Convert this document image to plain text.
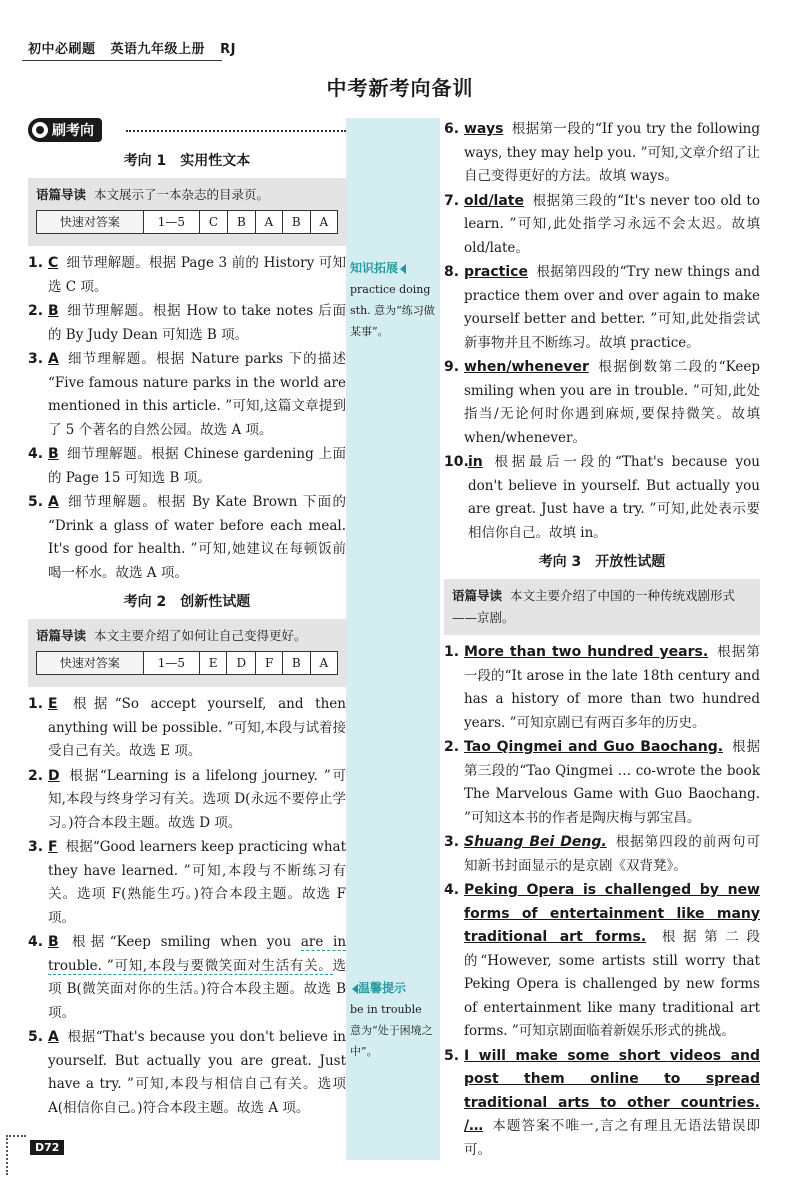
初中必刷题 英语九年级上册 RJ
中考新考向备训
刷考向
考向 1　实用性文本
语篇导读 本文展示了一本杂志的目录页。
快速对答案	1—5	C	B	A	B	A
1. C 细节理解题。根据 Page 3 前的 History 可知选 C 项。
2. B 细节理解题。根据 How to take notes 后面的 By Judy Dean 可知选 B 项。
3. A 细节理解题。根据 Nature parks 下的描述 “Five famous nature parks in the world are mentioned in this article. ”可知,这篇文章提到了 5 个著名的自然公园。故选 A 项。
4. B 细节理解题。根据 Chinese gardening 上面的 Page 15 可知选 B 项。
5. A 细节理解题。根据 By Kate Brown 下面的 “Drink a glass of water before each meal. It's good for health. ”可知,她建议在每顿饭前喝一杯水。故选 A 项。
考向 2　创新性试题
语篇导读 本文主要介绍了如何让自己变得更好。
快速对答案	1—5	E	D	F	B	A
1. E 根据“So accept yourself, and then anything will be possible. ”可知,本段与试着接受自己有关。故选 E 项。
2. D 根据“Learning is a lifelong journey. ”可知,本段与终身学习有关。选项 D(永远不要停止学习。)符合本段主题。故选 D 项。
3. F 根据“Good learners keep practicing what they have learned. ”可知,本段与不断练习有关。选项 F(熟能生巧。)符合本段主题。故选 F 项。
4. B 根据“Keep smiling when you are in trouble. ”可知,本段与要微笑面对生活有关。选项 B(微笑面对你的生活。)符合本段主题。故选 B 项。
5. A 根据“That's because you don't believe in yourself. But actually you are great. Just have a try. ”可知,本段与相信自己有关。选项 A(相信你自己。)符合本段主题。故选 A 项。
知识拓展
practice doing sth. 意为“练习做某事”。
温馨提示
be in trouble 意为“处于困境之中”。
6. ways 根据第一段的“If you try the following ways, they may help you. ”可知,文章介绍了让自己变得更好的方法。故填 ways。
7. old/late 根据第三段的“It's never too old to learn. ”可知,此处指学习永远不会太迟。故填 old/late。
8. practice 根据第四段的“Try new things and practice them over and over again to make yourself better and better. ”可知,此处指尝试新事物并且不断练习。故填 practice。
9. when/whenever 根据倒数第二段的“Keep smiling when you are in trouble. ”可知,此处指当/无论何时你遇到麻烦,要保持微笑。故填 when/whenever。
10. in 根据最后一段的“That's because you don't believe in yourself. But actually you are great. Just have a try. ”可知,此处表示要相信你自己。故填 in。
考向 3　开放性试题
语篇导读 本文主要介绍了中国的一种传统戏剧形式——京剧。
1. More than two hundred years. 根据第一段的“It arose in the late 18th century and has a history of more than two hundred years. ”可知京剧已有两百多年的历史。
2. Tao Qingmei and Guo Baochang. 根据第三段的“Tao Qingmei … co-wrote the book The Marvelous Game with Guo Baochang. ”可知这本书的作者是陶庆梅与郭宝昌。
3. Shuang Bei Deng. 根据第四段的前两句可知新书封面显示的是京剧《双背凳》。
4. Peking Opera is challenged by new forms of entertainment like many traditional art forms. 根据第二段的“However, some artists still worry that Peking Opera is challenged by new forms of entertainment like many traditional art forms. ”可知京剧面临着新娱乐形式的挑战。
5. I will make some short videos and post them online to spread traditional arts to other countries. /… 本题答案不唯一,言之有理且无语法错误即可。
D72
